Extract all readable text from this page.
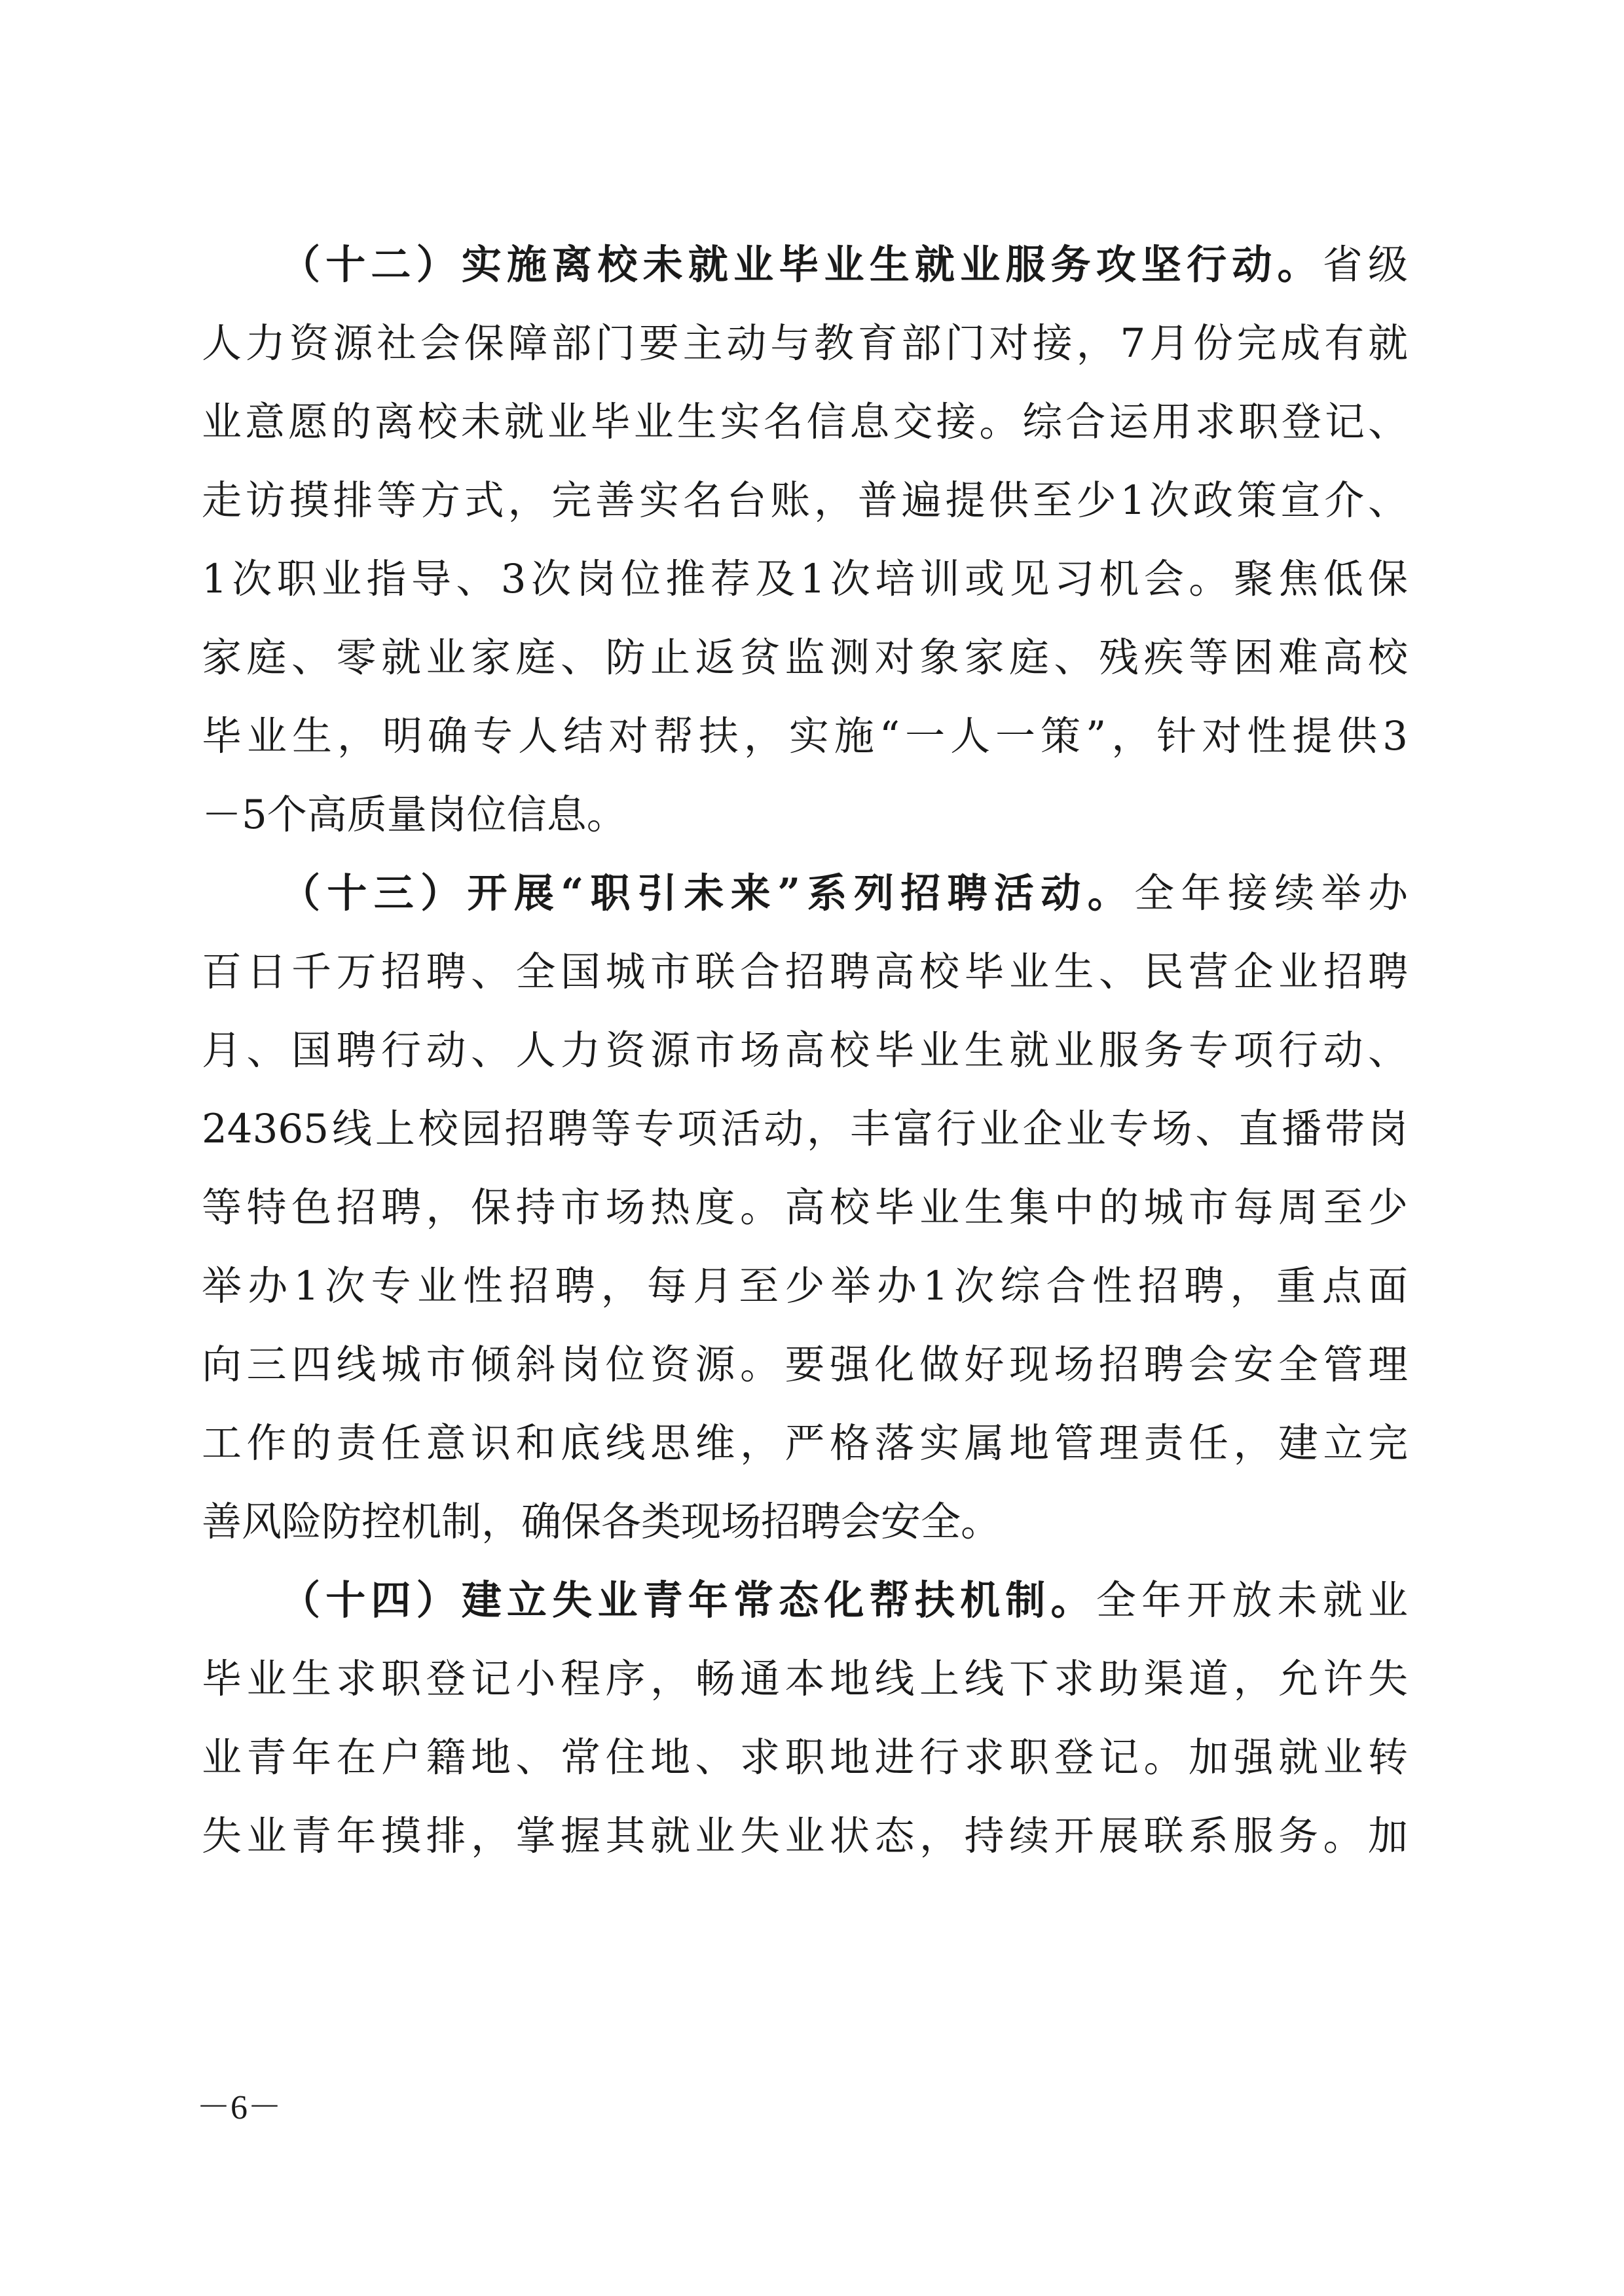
（十二）实施离校未就业毕业生就业服务攻坚行动。省级
人力资源社会保障部门要主动与教育部门对接，7月份完成有就
业意愿的离校未就业毕业生实名信息交接。综合运用求职登记、
走访摸排等方式，完善实名台账，普遍提供至少1次政策宣介、
1次职业指导、3次岗位推荐及1次培训或见习机会。聚焦低保
家庭、零就业家庭、防止返贫监测对象家庭、残疾等困难高校
毕业生，明确专人结对帮扶，实施“一人一策”，针对性提供3
－5个高质量岗位信息。
（十三）开展“职引未来”系列招聘活动。全年接续举办
百日千万招聘、全国城市联合招聘高校毕业生、民营企业招聘
月、国聘行动、人力资源市场高校毕业生就业服务专项行动、
24365线上校园招聘等专项活动，丰富行业企业专场、直播带岗
等特色招聘，保持市场热度。高校毕业生集中的城市每周至少
举办1次专业性招聘，每月至少举办1次综合性招聘，重点面
向三四线城市倾斜岗位资源。要强化做好现场招聘会安全管理
工作的责任意识和底线思维，严格落实属地管理责任，建立完
善风险防控机制，确保各类现场招聘会安全。
（十四）建立失业青年常态化帮扶机制。全年开放未就业
毕业生求职登记小程序，畅通本地线上线下求助渠道，允许失
业青年在户籍地、常住地、求职地进行求职登记。加强就业转
失业青年摸排，掌握其就业失业状态，持续开展联系服务。加
－6－
